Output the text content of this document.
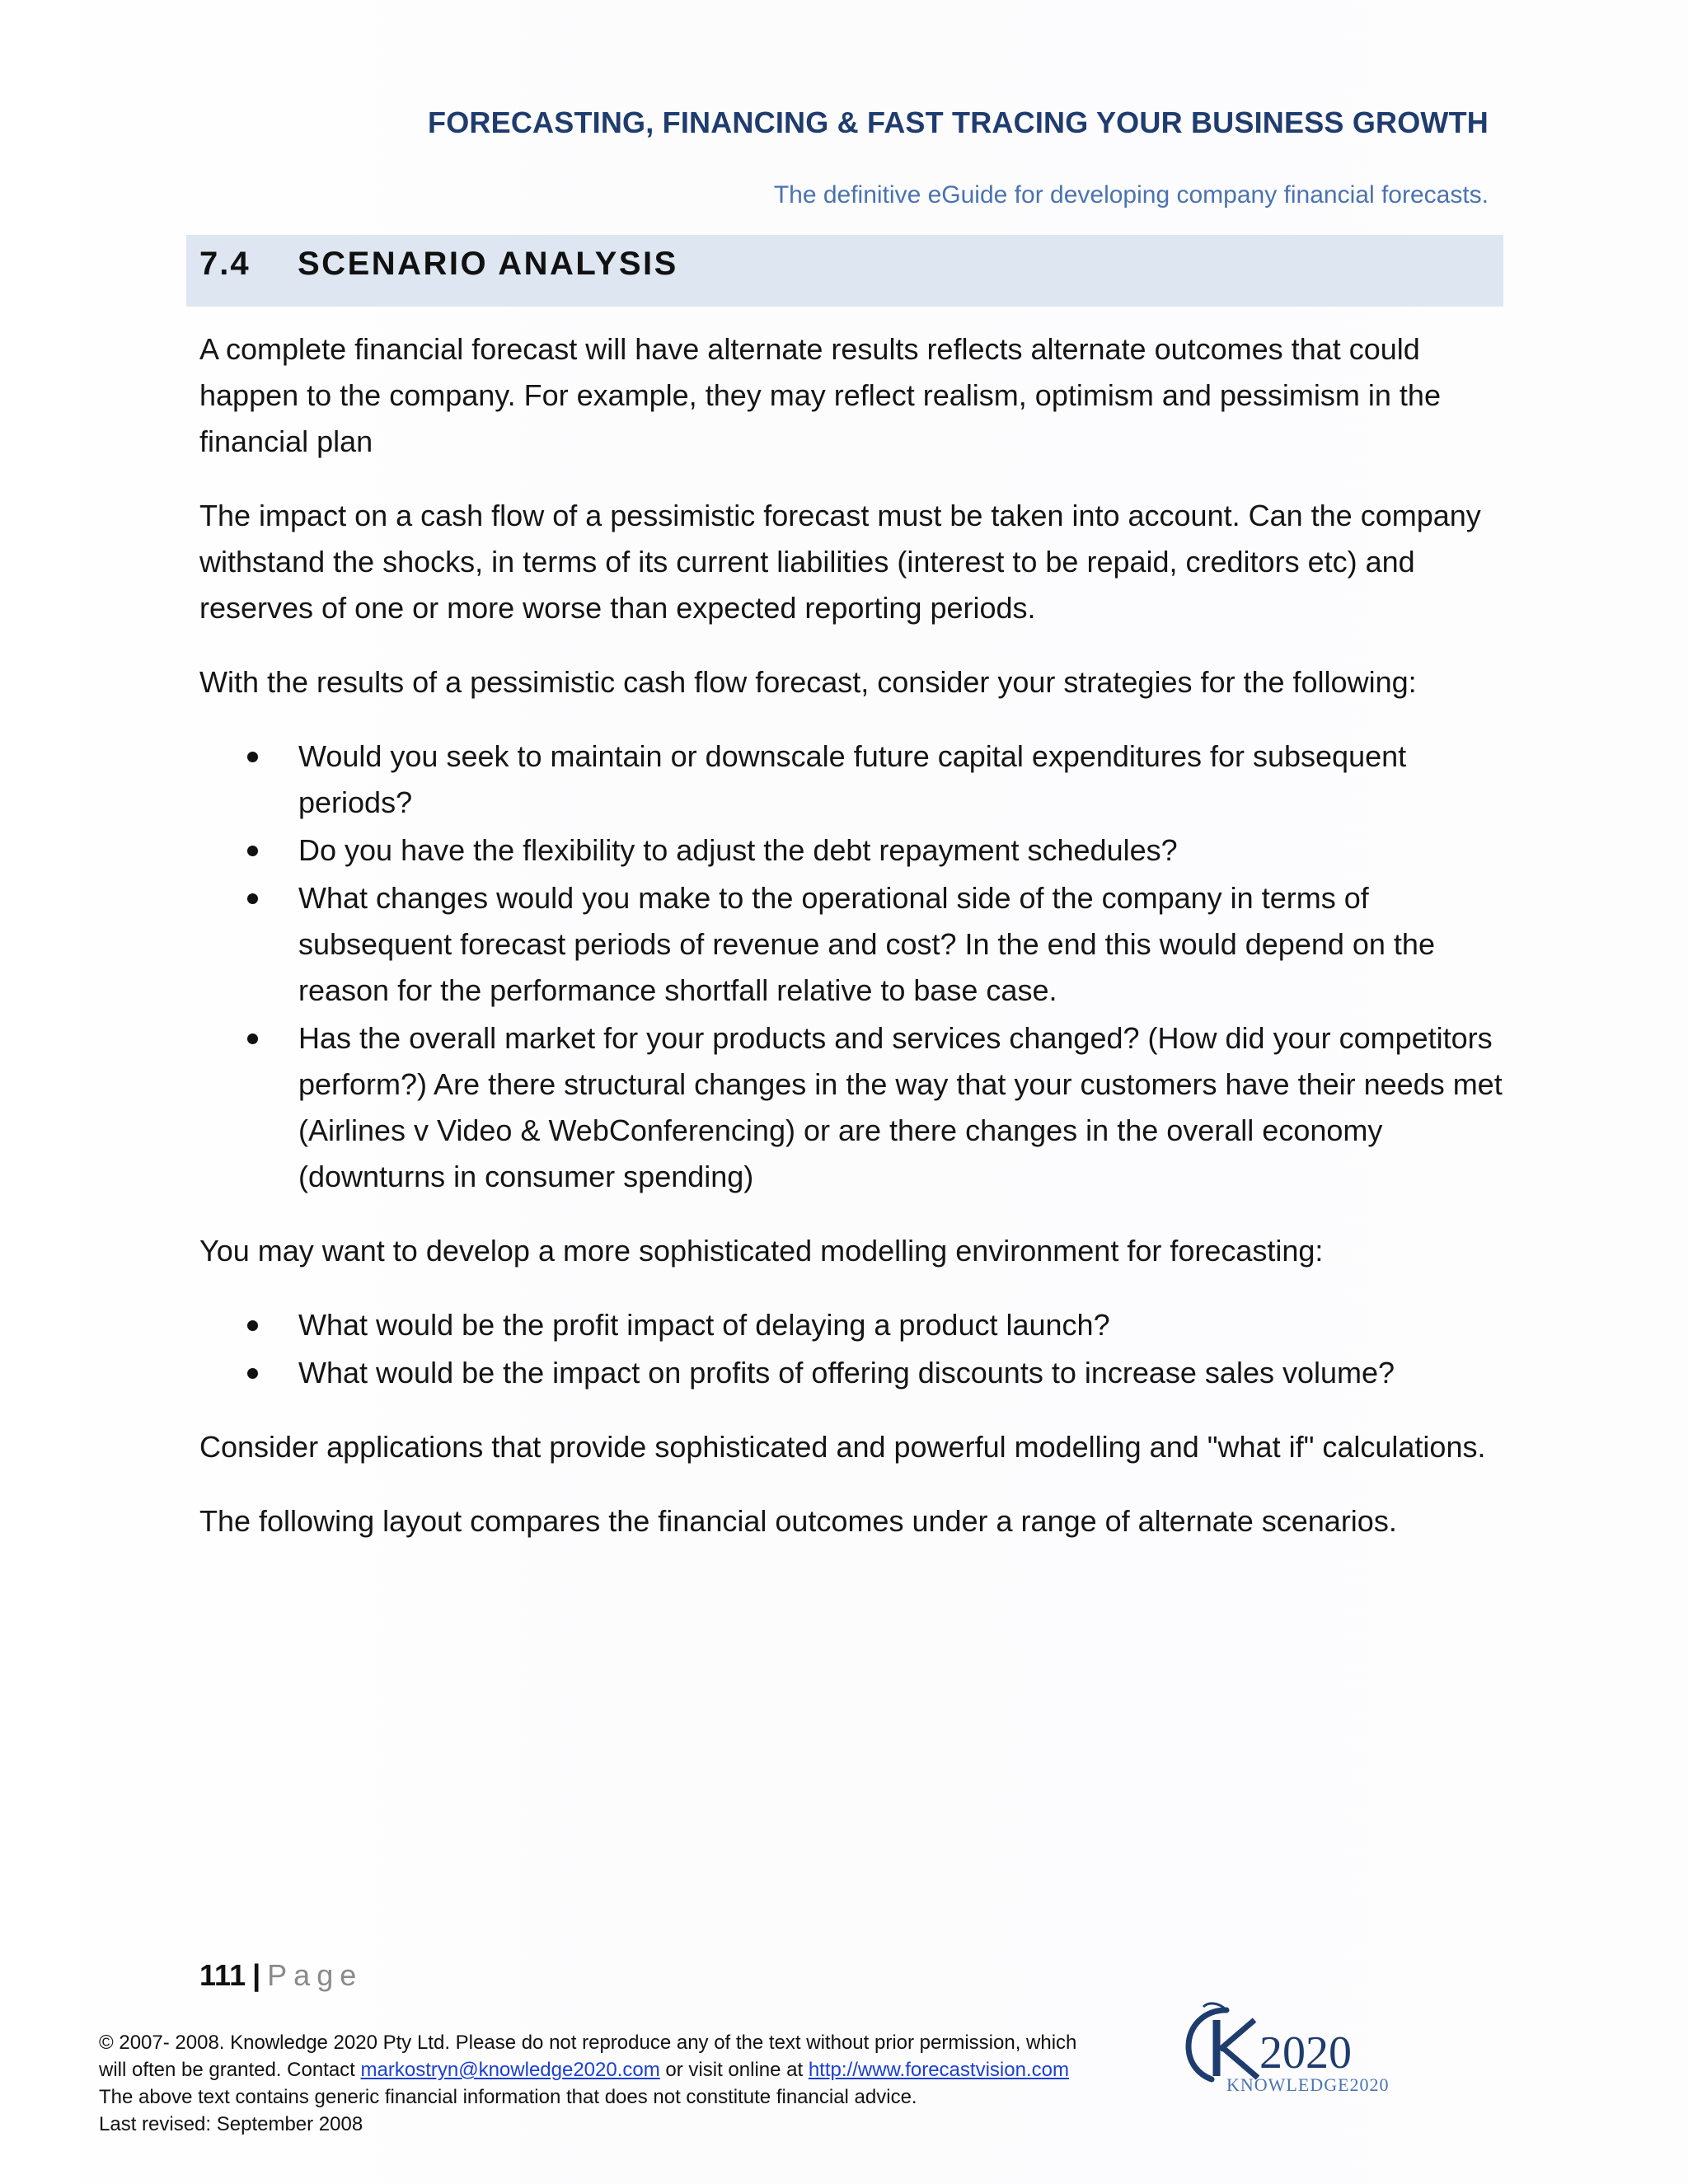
FORECASTING, FINANCING & FAST TRACING YOUR BUSINESS GROWTH
The definitive eGuide for developing company financial forecasts.
7.4 SCENARIO ANALYSIS

A complete financial forecast will have alternate results reflects alternate outcomes that could happen to the company. For example, they may reflect realism, optimism and pessimism in the financial plan

The impact on a cash flow of a pessimistic forecast must be taken into account. Can the company withstand the shocks, in terms of its current liabilities (interest to be repaid, creditors etc) and reserves of one or more worse than expected reporting periods.

With the results of a pessimistic cash flow forecast, consider your strategies for the following:

Would you seek to maintain or downscale future capital expenditures for subsequent periods?
Do you have the flexibility to adjust the debt repayment schedules?
What changes would you make to the operational side of the company in terms of subsequent forecast periods of revenue and cost? In the end this would depend on the reason for the performance shortfall relative to base case.
Has the overall market for your products and services changed? (How did your competitors perform?) Are there structural changes in the way that your customers have their needs met (Airlines v Video & WebConferencing) or are there changes in the overall economy (downturns in consumer spending)

You may want to develop a more sophisticated modelling environment for forecasting:

What would be the profit impact of delaying a product launch?
What would be the impact on profits of offering discounts to increase sales volume?

Consider applications that provide sophisticated and powerful modelling and "what if" calculations.

The following layout compares the financial outcomes under a range of alternate scenarios.

111 | Page
© 2007- 2008. Knowledge 2020 Pty Ltd. Please do not reproduce any of the text without prior permission, which
will often be granted. Contact markostryn@knowledge2020.com or visit online at http://www.forecastvision.com
The above text contains generic financial information that does not constitute financial advice.
Last revised: September 2008
2020
KNOWLEDGE2020
